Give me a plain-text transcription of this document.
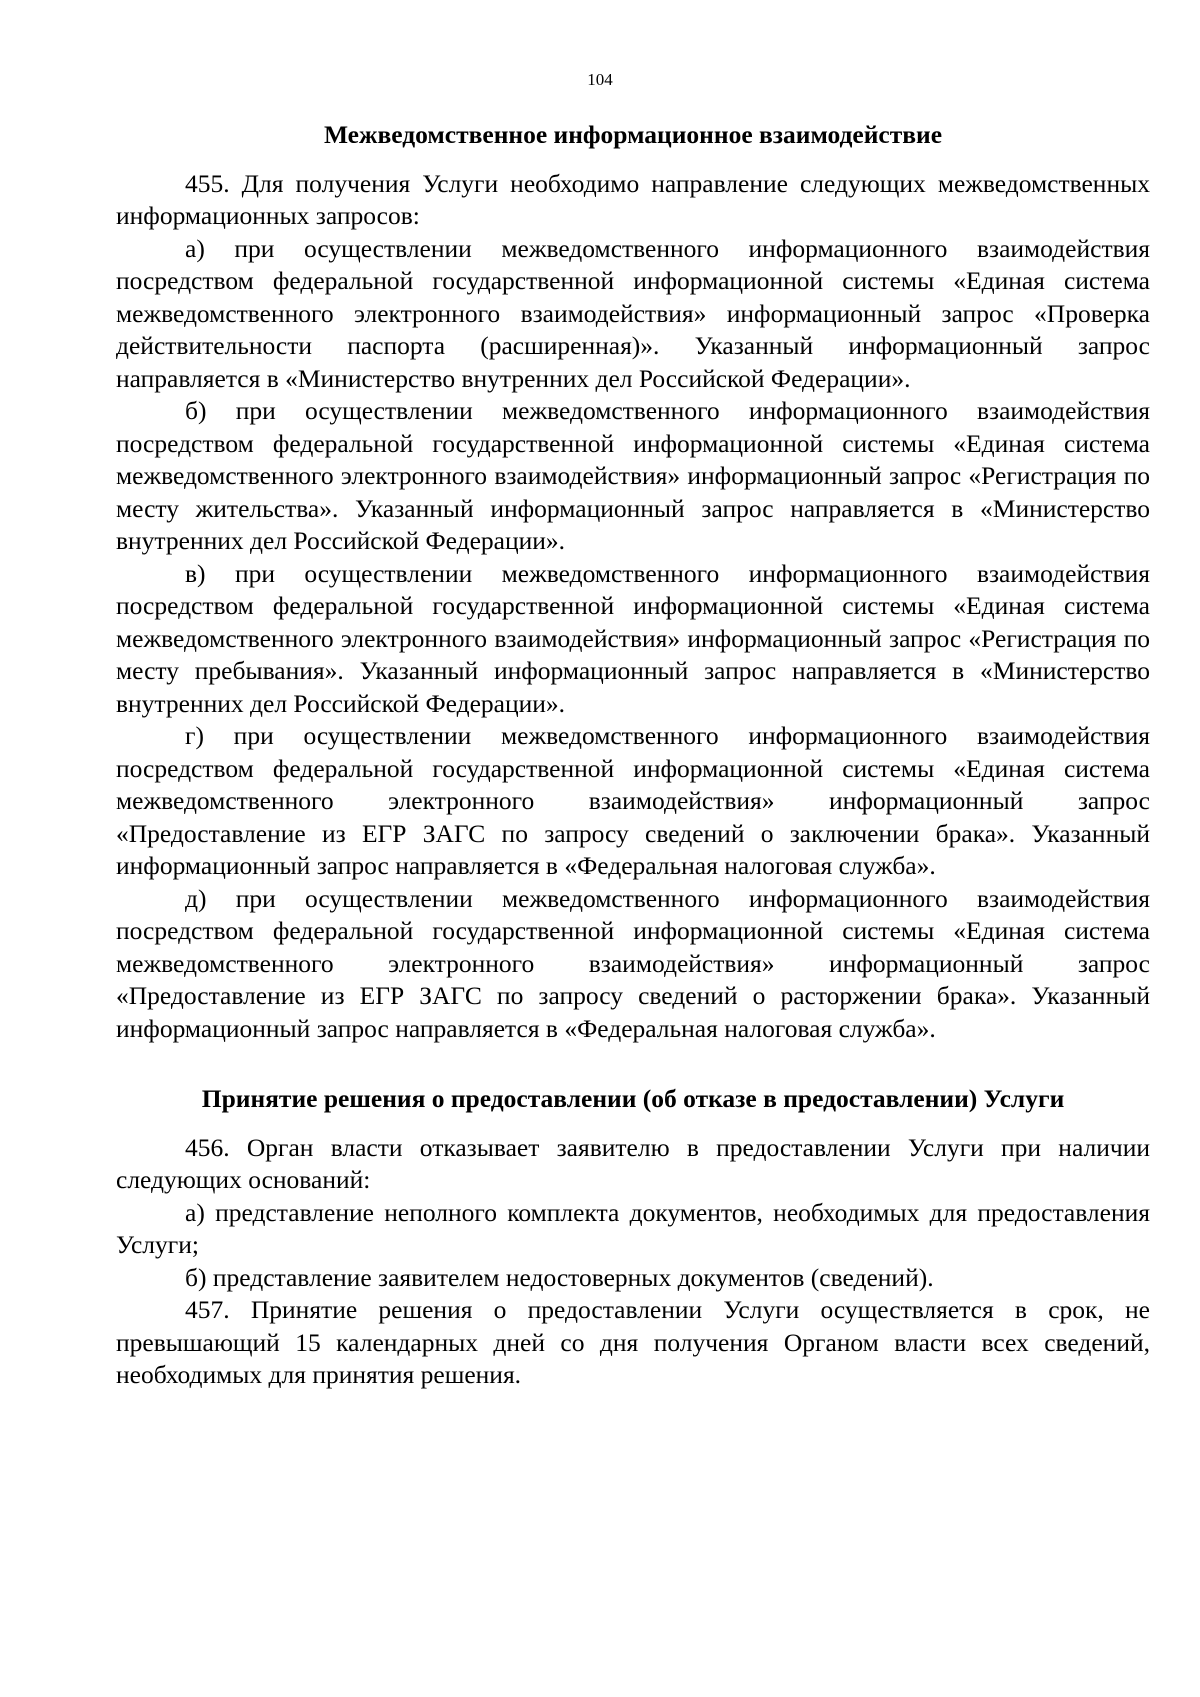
104

Межведомственное информационное взаимодействие

455. Для получения Услуги необходимо направление следующих межведомственных информационных запросов:

а) при осуществлении межведомственного информационного взаимодействия посредством федеральной государственной информационной системы «Единая система межведомственного электронного взаимодействия» информационный запрос «Проверка действительности паспорта (расширенная)». Указанный информационный запрос направляется в «Министерство внутренних дел Российской Федерации».

б) при осуществлении межведомственного информационного взаимодействия посредством федеральной государственной информационной системы «Единая система межведомственного электронного взаимодействия» информационный запрос «Регистрация по месту жительства». Указанный информационный запрос направляется в «Министерство внутренних дел Российской Федерации».

в) при осуществлении межведомственного информационного взаимодействия посредством федеральной государственной информационной системы «Единая система межведомственного электронного взаимодействия» информационный запрос «Регистрация по месту пребывания». Указанный информационный запрос направляется в «Министерство внутренних дел Российской Федерации».

г) при осуществлении межведомственного информационного взаимодействия посредством федеральной государственной информационной системы «Единая система межведомственного электронного взаимодействия» информационный запрос «Предоставление из ЕГР ЗАГС по запросу сведений о заключении брака». Указанный информационный запрос направляется в «Федеральная налоговая служба».

д) при осуществлении межведомственного информационного взаимодействия посредством федеральной государственной информационной системы «Единая система межведомственного электронного взаимодействия» информационный запрос «Предоставление из ЕГР ЗАГС по запросу сведений о расторжении брака». Указанный информационный запрос направляется в «Федеральная налоговая служба».

Принятие решения о предоставлении (об отказе в предоставлении) Услуги

456. Орган власти отказывает заявителю в предоставлении Услуги при наличии следующих оснований:

а) представление неполного комплекта документов, необходимых для предоставления Услуги;

б) представление заявителем недостоверных документов (сведений).

457. Принятие решения о предоставлении Услуги осуществляется в срок, не превышающий 15 календарных дней со дня получения Органом власти всех сведений, необходимых для принятия решения.
